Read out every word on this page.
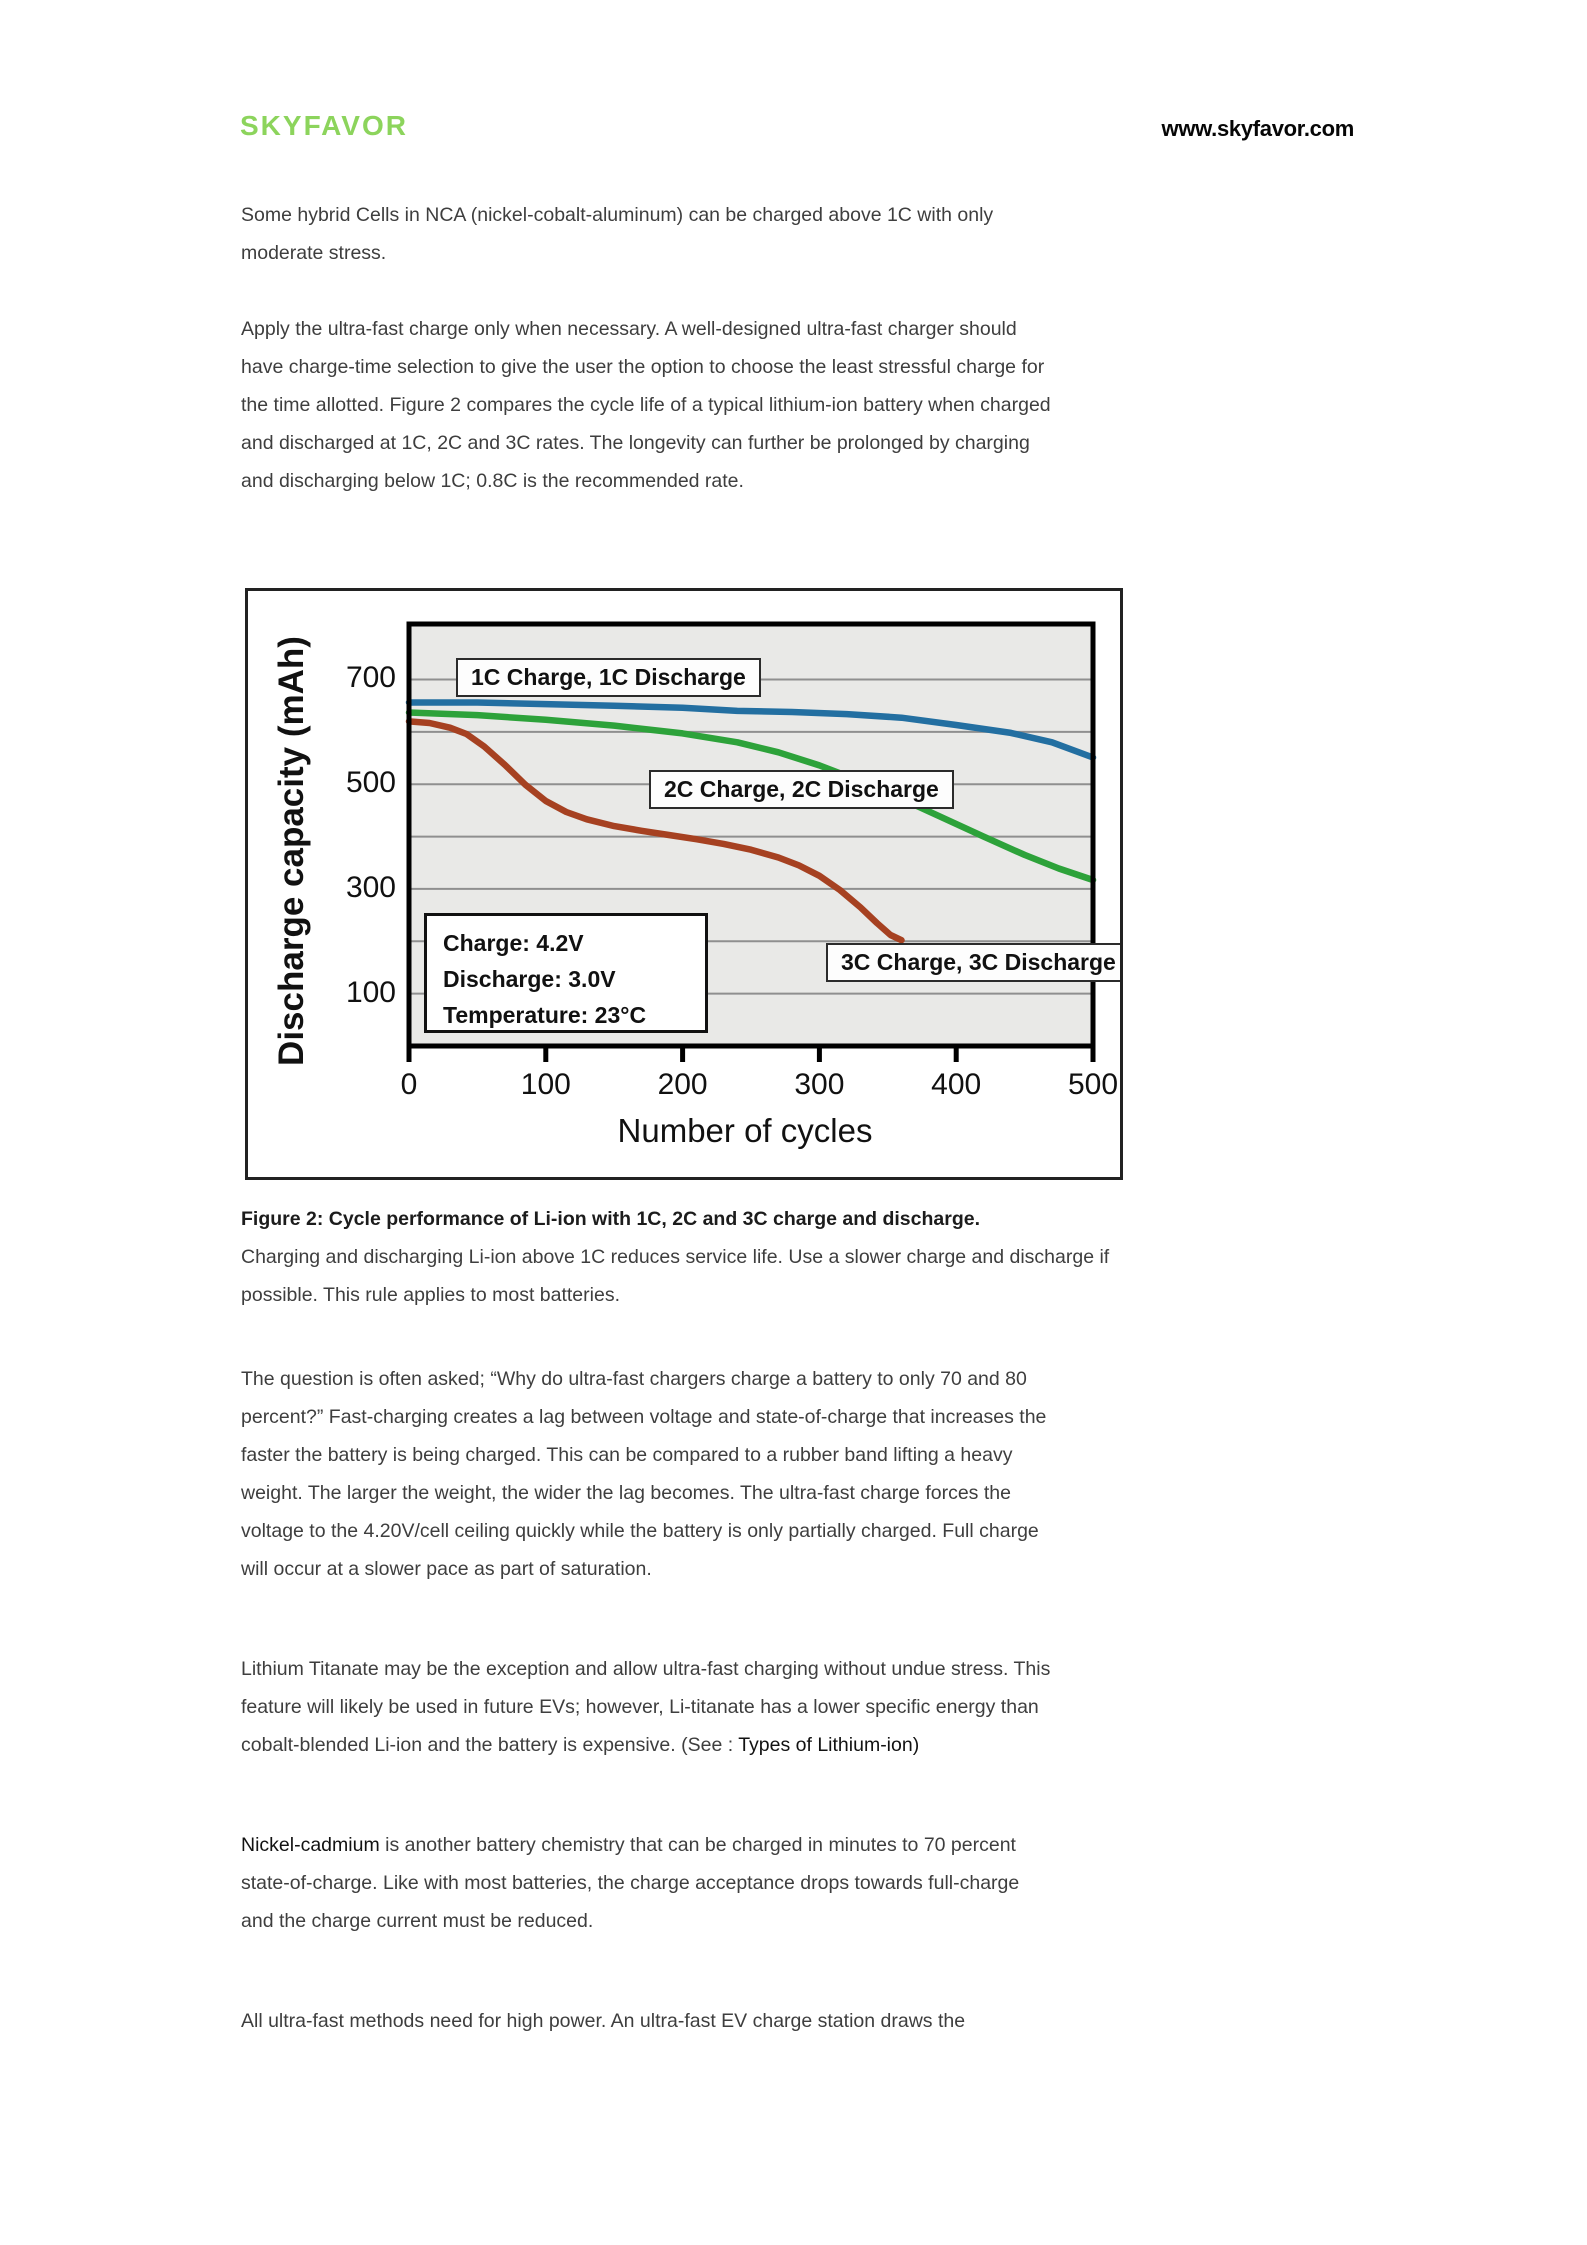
SKYFAVOR	www.skyfavor.com
Some hybrid Cells in NCA (nickel-cobalt-aluminum) can be charged above 1C with only
moderate stress.
Apply the ultra-fast charge only when necessary. A well-designed ultra-fast charger should
have charge-time selection to give the user the option to choose the least stressful charge for
the time allotted. Figure 2 compares the cycle life of a typical lithium-ion battery when charged
and discharged at 1C, 2C and 3C rates. The longevity can further be prolonged by charging
and discharging below 1C; 0.8C is the recommended rate.
Discharge capacity (mAh)
Number of cycles
700
500
300
100
0	100	200	300	400	500
1C Charge, 1C Discharge
2C Charge, 2C Discharge
3C Charge, 3C Discharge
Charge: 4.2V
Discharge: 3.0V
Temperature: 23°C
Figure 2: Cycle performance of Li-ion with 1C, 2C and 3C charge and discharge.
Charging and discharging Li-ion above 1C reduces service life. Use a slower charge and discharge if
possible. This rule applies to most batteries.
The question is often asked; “Why do ultra-fast chargers charge a battery to only 70 and 80
percent?” Fast-charging creates a lag between voltage and state-of-charge that increases the
faster the battery is being charged. This can be compared to a rubber band lifting a heavy
weight. The larger the weight, the wider the lag becomes. The ultra-fast charge forces the
voltage to the 4.20V/cell ceiling quickly while the battery is only partially charged. Full charge
will occur at a slower pace as part of saturation.
Lithium Titanate may be the exception and allow ultra-fast charging without undue stress. This
feature will likely be used in future EVs; however, Li-titanate has a lower specific energy than
cobalt-blended Li-ion and the battery is expensive. (See : Types of Lithium-ion)
Nickel-cadmium is another battery chemistry that can be charged in minutes to 70 percent
state-of-charge. Like with most batteries, the charge acceptance drops towards full-charge
and the charge current must be reduced.
All ultra-fast methods need for high power. An ultra-fast EV charge station draws the
